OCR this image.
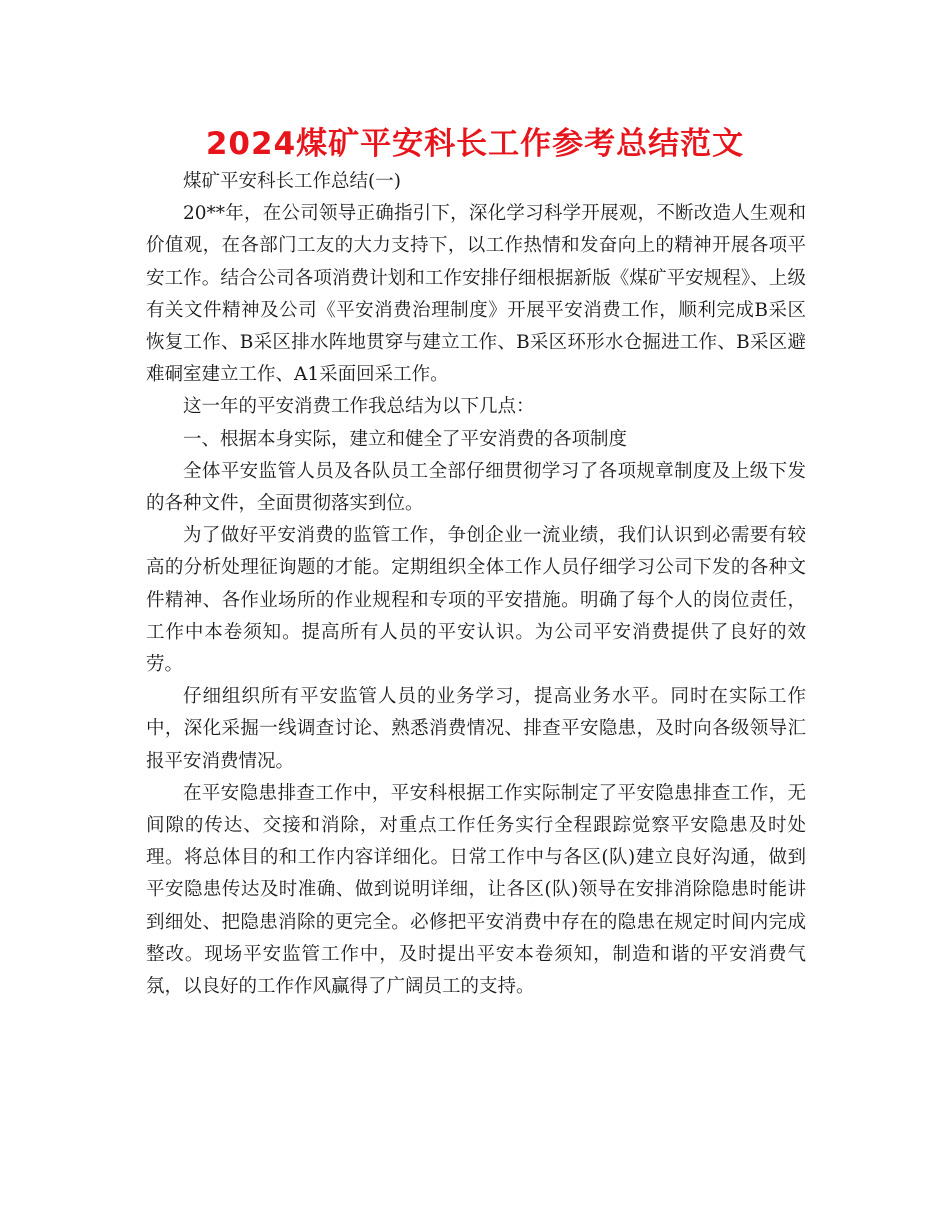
2024煤矿平安科长工作参考总结范文

煤矿平安科长工作总结(一)

20**年，在公司领导正确指引下，深化学习科学开展观，不断改造人生观和价值观，在各部门工友的大力支持下，以工作热情和发奋向上的精神开展各项平安工作。结合公司各项消费计划和工作安排仔细根据新版《煤矿平安规程》、上级有关文件精神及公司《平安消费治理制度》开展平安消费工作，顺利完成B采区恢复工作、B采区排水阵地贯穿与建立工作、B采区环形水仓掘进工作、B采区避难硐室建立工作、A1采面回采工作。

这一年的平安消费工作我总结为以下几点：

一、根据本身实际，建立和健全了平安消费的各项制度

全体平安监管人员及各队员工全部仔细贯彻学习了各项规章制度及上级下发的各种文件，全面贯彻落实到位。

为了做好平安消费的监管工作，争创企业一流业绩，我们认识到必需要有较高的分析处理征询题的才能。定期组织全体工作人员仔细学习公司下发的各种文件精神、各作业场所的作业规程和专项的平安措施。明确了每个人的岗位责任，工作中本卷须知。提高所有人员的平安认识。为公司平安消费提供了良好的效劳。

仔细组织所有平安监管人员的业务学习，提高业务水平。同时在实际工作中，深化采掘一线调查讨论、熟悉消费情况、排查平安隐患，及时向各级领导汇报平安消费情况。

在平安隐患排查工作中，平安科根据工作实际制定了平安隐患排查工作，无间隙的传达、交接和消除，对重点工作任务实行全程跟踪觉察平安隐患及时处理。将总体目的和工作内容详细化。日常工作中与各区(队)建立良好沟通，做到平安隐患传达及时准确、做到说明详细，让各区(队)领导在安排消除隐患时能讲到细处、把隐患消除的更完全。必修把平安消费中存在的隐患在规定时间内完成整改。现场平安监管工作中，及时提出平安本卷须知，制造和谐的平安消费气氛，以良好的工作作风赢得了广阔员工的支持。
